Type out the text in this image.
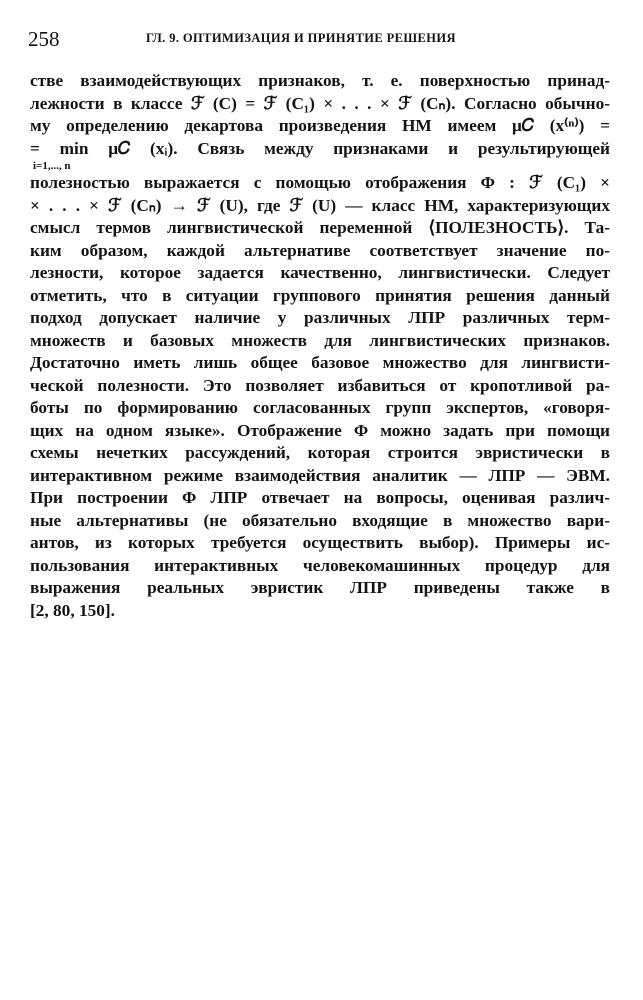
258	ГЛ. 9. ОПТИМИЗАЦИЯ И ПРИНЯТИЕ РЕШЕНИЯ
стве взаимодействующих признаков, т. е. поверхностью принад-
лежности в классе ℱ (C) = ℱ (C₁) × . . . × ℱ (Cₙ). Согласно обычно-
му определению декартова произведения НМ имеем μ𝐶 (x⁽ⁿ⁾) =
= min μ𝐶 (xᵢ). Связь между признаками и результирующей
i=1,..., n
полезностью выражается с помощью отображения Φ : ℱ (C₁) ×
× . . . × ℱ (Cₙ) → ℱ (U), где ℱ (U) — класс НМ, характеризующих
смысл термов лингвистической переменной ⟨ПОЛЕЗНОСТЬ⟩. Та-
ким образом, каждой альтернативе соответствует значение по-
лезности, которое задается качественно, лингвистически. Следует
отметить, что в ситуации группового принятия решения данный
подход допускает наличие у различных ЛПР различных терм-
множеств и базовых множеств для лингвистических признаков.
Достаточно иметь лишь общее базовое множество для лингвисти-
ческой полезности. Это позволяет избавиться от кропотливой ра-
боты по формированию согласованных групп экспертов, «говоря-
щих на одном языке». Отображение Φ можно задать при помощи
схемы нечетких рассуждений, которая строится эвристически в
интерактивном режиме взаимодействия аналитик — ЛПР — ЭВМ.
При построении Φ ЛПР отвечает на вопросы, оценивая различ-
ные альтернативы (не обязательно входящие в множество вари-
антов, из которых требуется осуществить выбор). Примеры ис-
пользования интерактивных человекомашинных процедур для
выражения реальных эвристик ЛПР приведены также в
[2, 80, 150].
